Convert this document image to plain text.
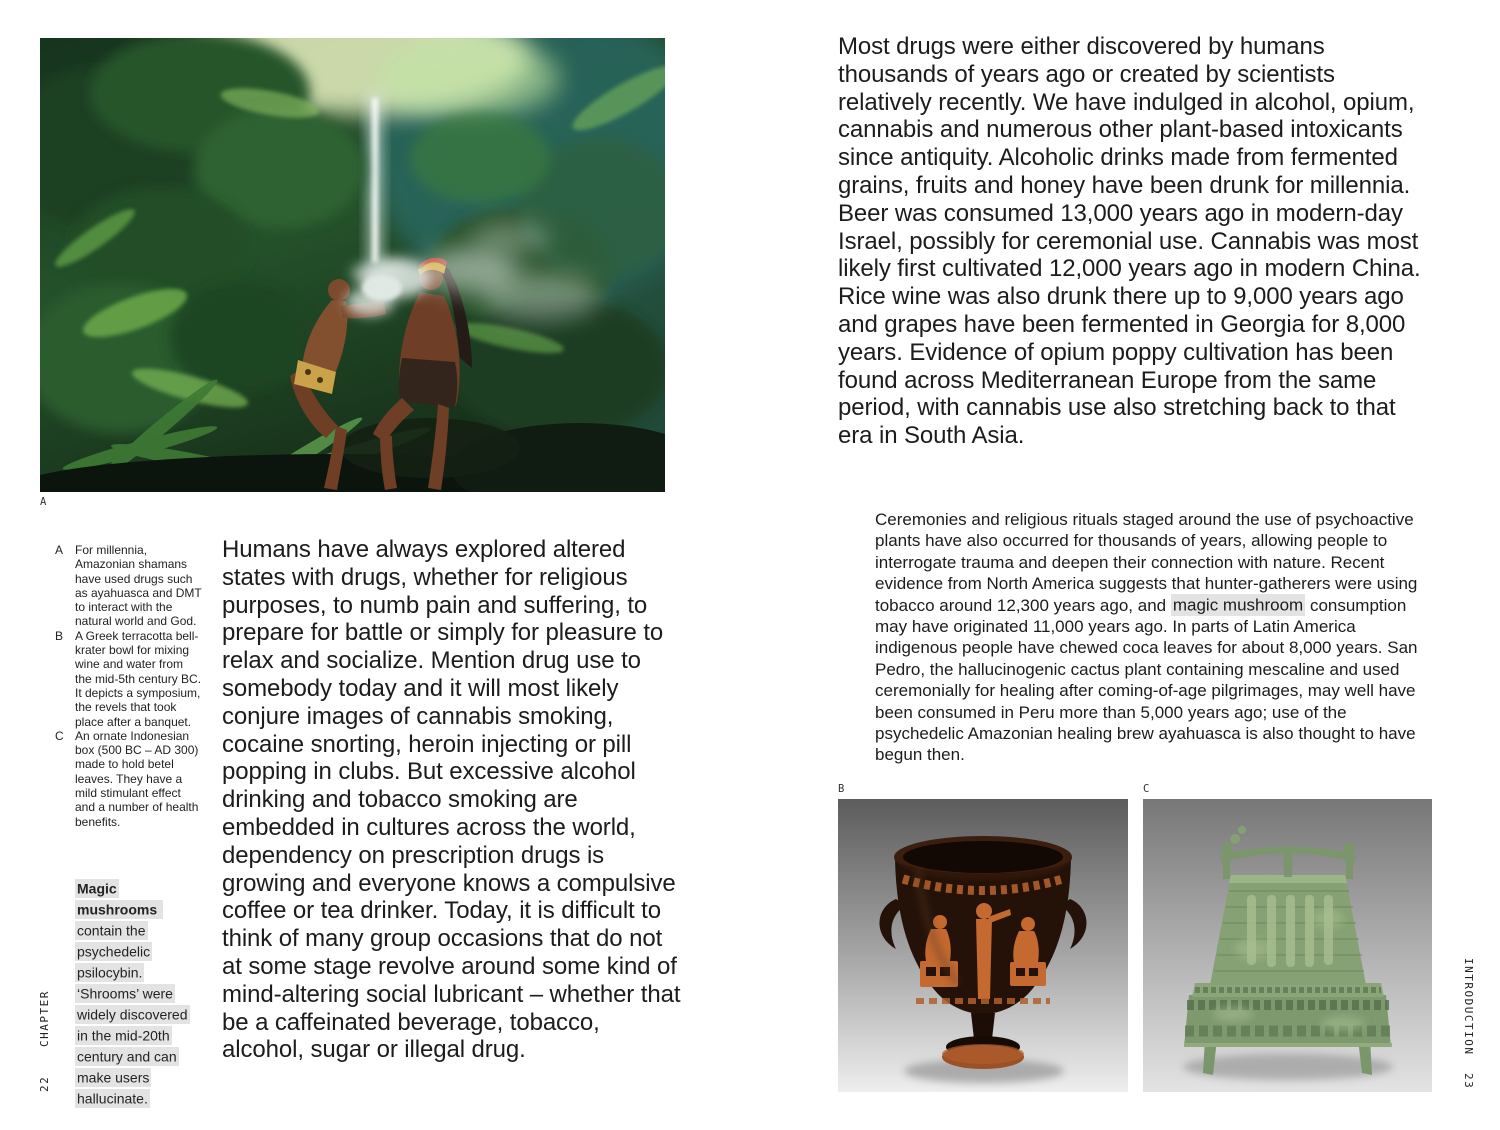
A
A For millennia, Amazonian shamans have used drugs such as ayahuasca and DMT to interact with the natural world and God.
B A Greek terracotta bell-krater bowl for mixing wine and water from the mid-5th century BC. It depicts a symposium, the revels that took place after a banquet.
C An ornate Indonesian box (500 BC – AD 300) made to hold betel leaves. They have a mild stimulant effect and a number of health benefits.
Humans have always explored altered states with drugs, whether for religious purposes, to numb pain and suffering, to prepare for battle or simply for pleasure to relax and socialize. Mention drug use to somebody today and it will most likely conjure images of cannabis smoking, cocaine snorting, heroin injecting or pill popping in clubs. But excessive alcohol drinking and tobacco smoking are embedded in cultures across the world, dependency on prescription drugs is growing and everyone knows a compulsive coffee or tea drinker. Today, it is difficult to think of many group occasions that do not at some stage revolve around some kind of mind-altering social lubricant – whether that be a caffeinated beverage, tobacco, alcohol, sugar or illegal drug.
Magic mushrooms contain the psychedelic psilocybin. ‘Shrooms’ were widely discovered in the mid-20th century and can make users hallucinate.
CHAPTER
22
Most drugs were either discovered by humans thousands of years ago or created by scientists relatively recently. We have indulged in alcohol, opium, cannabis and numerous other plant-based intoxicants since antiquity. Alcoholic drinks made from fermented grains, fruits and honey have been drunk for millennia. Beer was consumed 13,000 years ago in modern-day Israel, possibly for ceremonial use. Cannabis was most likely first cultivated 12,000 years ago in modern China. Rice wine was also drunk there up to 9,000 years ago and grapes have been fermented in Georgia for 8,000 years. Evidence of opium poppy cultivation has been found across Mediterranean Europe from the same period, with cannabis use also stretching back to that era in South Asia.
Ceremonies and religious rituals staged around the use of psychoactive plants have also occurred for thousands of years, allowing people to interrogate trauma and deepen their connection with nature. Recent evidence from North America suggests that hunter-gatherers were using tobacco around 12,300 years ago, and magic mushroom consumption may have originated 11,000 years ago. In parts of Latin America indigenous people have chewed coca leaves for about 8,000 years. San Pedro, the hallucinogenic cactus plant containing mescaline and used ceremonially for healing after coming-of-age pilgrimages, may well have been consumed in Peru more than 5,000 years ago; use of the psychedelic Amazonian healing brew ayahuasca is also thought to have begun then.
B	C
INTRODUCTION
23
